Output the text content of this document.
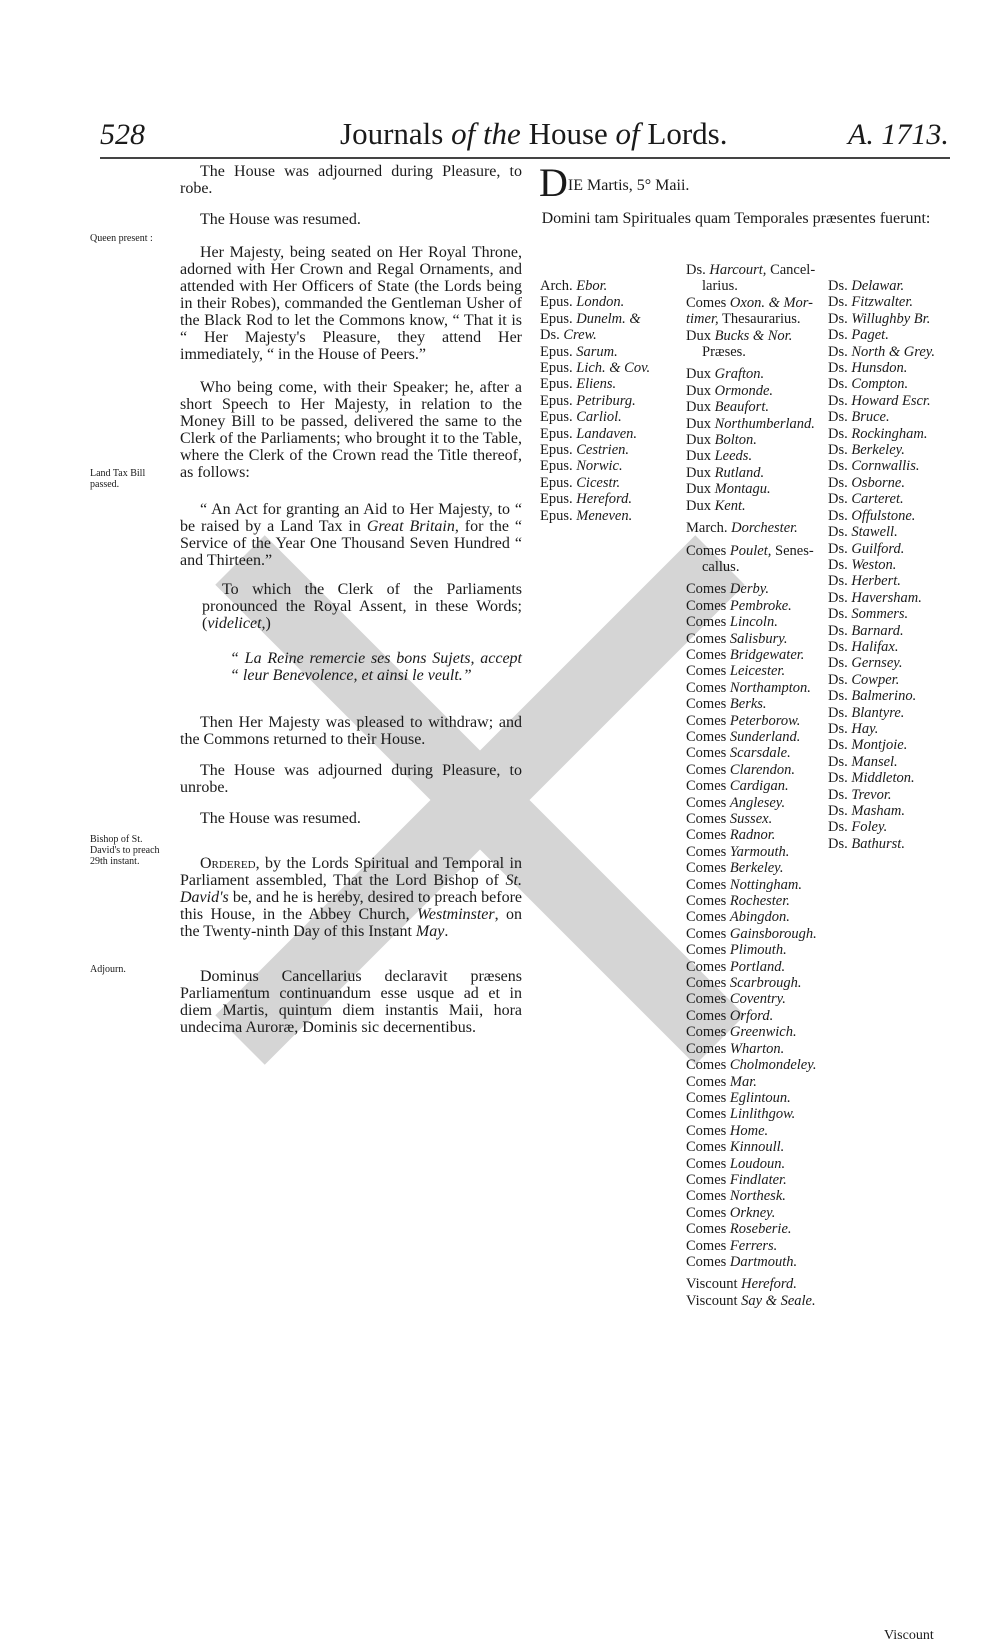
528	Journals of the House of Lords.	A. 1713.
Queen present :
Land Tax Bill passed.
Bishop of St. David's to preach 29th instant.
Adjourn.

The House was adjourned during Pleasure, to robe.

The House was resumed.

Her Majesty, being seated on Her Royal Throne, adorned with Her Crown and Regal Ornaments, and attended with Her Officers of State (the Lords being in their Robes), commanded the Gentleman Usher of the Black Rod to let the Commons know, “ That it is “ Her Majesty's Pleasure, they attend Her immediately, “ in the House of Peers.”

Who being come, with their Speaker; he, after a short Speech to Her Majesty, in relation to the Money Bill to be passed, delivered the same to the Clerk of the Parliaments; who brought it to the Table, where the Clerk of the Crown read the Title thereof, as follows:

“ An Act for granting an Aid to Her Majesty, to “ be raised by a Land Tax in Great Britain, for the “ Service of the Year One Thousand Seven Hundred “ and Thirteen.”

To which the Clerk of the Parliaments pronounced the Royal Assent, in these Words; (videlicet,)

“ La Reine remercie ses bons Sujets, accept “ leur Benevolence, et ainsi le veult.”

Then Her Majesty was pleased to withdraw; and the Commons returned to their House.

The House was adjourned during Pleasure, to unrobe.

The House was resumed.

Ordered, by the Lords Spiritual and Temporal in Parliament assembled, That the Lord Bishop of St. David's be, and he is hereby, desired to preach before this House, in the Abbey Church, Westminster, on the Twenty-ninth Day of this Instant May.

Dominus Cancellarius declaravit præsens Parliamentum continuandum esse usque ad et in diem Martis, quintum diem instantis Maii, hora undecima Auroræ, Dominis sic decernentibus.

DIE Martis, 5° Maii.
Domini tam Spirituales quam Temporales præsentes fuerunt:
Arch. Ebor.
Epus. London.
Epus. Dunelm. &
Ds. Crew.
Epus. Sarum.
Epus. Lich. & Cov.
Epus. Eliens.
Epus. Petriburg.
Epus. Carliol.
Epus. Landaven.
Epus. Cestrien.
Epus. Norwic.
Epus. Cicestr.
Epus. Hereford.
Epus. Meneven.
Ds. Harcourt, Cancel-
larius.
Comes Oxon. & Mor-
timer, Thesaurarius.
Dux Bucks & Nor.
Præses.
Dux Grafton.
Dux Ormonde.
Dux Beaufort.
Dux Northumberland.
Dux Bolton.
Dux Leeds.
Dux Rutland.
Dux Montagu.
Dux Kent.
March. Dorchester.
Comes Poulet, Senes-
callus.
Comes Derby.
Comes Pembroke.
Comes Lincoln.
Comes Salisbury.
Comes Bridgewater.
Comes Leicester.
Comes Northampton.
Comes Berks.
Comes Peterborow.
Comes Sunderland.
Comes Scarsdale.
Comes Clarendon.
Comes Cardigan.
Comes Anglesey.
Comes Sussex.
Comes Radnor.
Comes Yarmouth.
Comes Berkeley.
Comes Nottingham.
Comes Rochester.
Comes Abingdon.
Comes Gainsborough.
Comes Plimouth.
Comes Portland.
Comes Scarbrough.
Comes Coventry.
Comes Orford.
Comes Greenwich.
Comes Wharton.
Comes Cholmondeley.
Comes Mar.
Comes Eglintoun.
Comes Linlithgow.
Comes Home.
Comes Kinnoull.
Comes Loudoun.
Comes Findlater.
Comes Northesk.
Comes Orkney.
Comes Roseberie.
Comes Ferrers.
Comes Dartmouth.
Viscount Hereford.
Viscount Say & Seale.
Ds. Delawar.
Ds. Fitzwalter.
Ds. Willughby Br.
Ds. Paget.
Ds. North & Grey.
Ds. Hunsdon.
Ds. Compton.
Ds. Howard Escr.
Ds. Bruce.
Ds. Rockingham.
Ds. Berkeley.
Ds. Cornwallis.
Ds. Osborne.
Ds. Carteret.
Ds. Offulstone.
Ds. Stawell.
Ds. Guilford.
Ds. Weston.
Ds. Herbert.
Ds. Haversham.
Ds. Sommers.
Ds. Barnard.
Ds. Halifax.
Ds. Gernsey.
Ds. Cowper.
Ds. Balmerino.
Ds. Blantyre.
Ds. Hay.
Ds. Montjoie.
Ds. Mansel.
Ds. Middleton.
Ds. Trevor.
Ds. Masham.
Ds. Foley.
Ds. Bathurst.
Viscount
